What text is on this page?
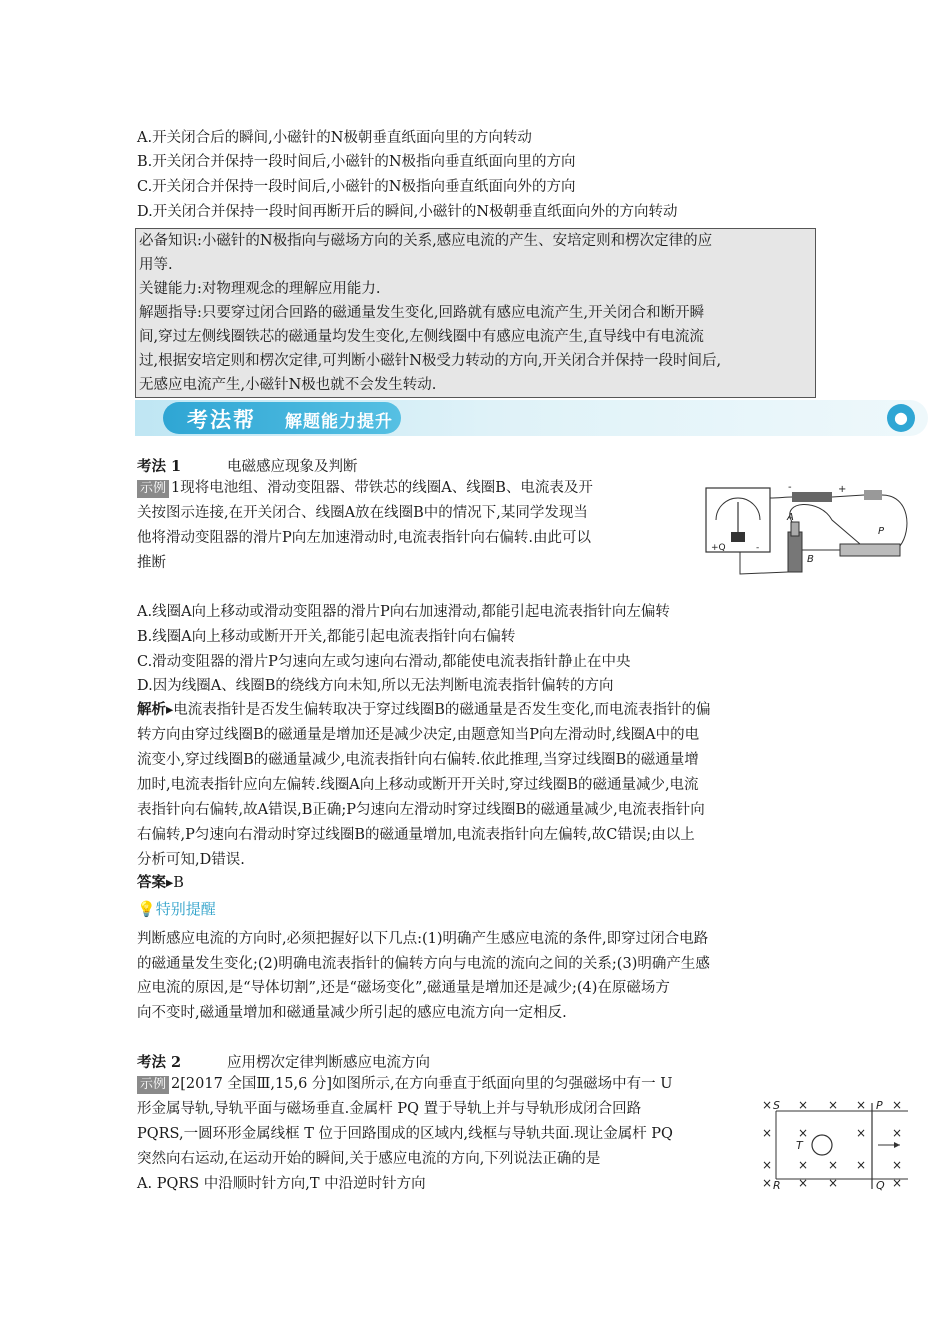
A.开关闭合后的瞬间,小磁针的N极朝垂直纸面向里的方向转动
B.开关闭合并保持一段时间后,小磁针的N极指向垂直纸面向里的方向
C.开关闭合并保持一段时间后,小磁针的N极指向垂直纸面向外的方向
D.开关闭合并保持一段时间再断开后的瞬间,小磁针的N极朝垂直纸面向外的方向转动
必备知识:小磁针的N极指向与磁场方向的关系,感应电流的产生、安培定则和楞次定律的应
用等.
关键能力:对物理观念的理解应用能力.
解题指导:只要穿过闭合回路的磁通量发生变化,回路就有感应电流产生,开关闭合和断开瞬
间,穿过左侧线圈铁芯的磁通量均发生变化,左侧线圈中有感应电流产生,直导线中有电流流
过,根据安培定则和楞次定律,可判断小磁针N极受力转动的方向,开关闭合并保持一段时间后,
无感应电流产生,小磁针N极也就不会发生转动.
考法帮 解题能力提升	●
考法 1	电磁感应现象及判断
示例 1现将电池组、滑动变阻器、带铁芯的线圈A、线圈B、电流表及开
关按图示连接,在开关闭合、线圈A放在线圈B中的情况下,某同学发现当
他将滑动变阻器的滑片P向左加速滑动时,电流表指针向右偏转.由此可以
推断
+Q	-
-	+
A
B
P
A.线圈A向上移动或滑动变阻器的滑片P向右加速滑动,都能引起电流表指针向左偏转
B.线圈A向上移动或断开开关,都能引起电流表指针向右偏转
C.滑动变阻器的滑片P匀速向左或匀速向右滑动,都能使电流表指针静止在中央
D.因为线圈A、线圈B的绕线方向未知,所以无法判断电流表指针偏转的方向
解析▸电流表指针是否发生偏转取决于穿过线圈B的磁通量是否发生变化,而电流表指针的偏
转方向由穿过线圈B的磁通量是增加还是减少决定,由题意知当P向左滑动时,线圈A中的电
流变小,穿过线圈B的磁通量减少,电流表指针向右偏转.依此推理,当穿过线圈B的磁通量增
加时,电流表指针应向左偏转.线圈A向上移动或断开开关时,穿过线圈B的磁通量减少,电流
表指针向右偏转,故A错误,B正确;P匀速向左滑动时穿过线圈B的磁通量减少,电流表指针向
右偏转,P匀速向右滑动时穿过线圈B的磁通量增加,电流表指针向左偏转,故C错误;由以上
分析可知,D错误.
答案▸B
💡特别提醒
判断感应电流的方向时,必须把握好以下几点:(1)明确产生感应电流的条件,即穿过闭合电路
的磁通量发生变化;(2)明确电流表指针的偏转方向与电流的流向之间的关系;(3)明确产生感
应电流的原因,是“导体切割”,还是“磁场变化”,磁通量是增加还是减少;(4)在原磁场方
向不变时,磁通量增加和磁通量减少所引起的感应电流方向一定相反.
考法 2	应用楞次定律判断感应电流方向
示例 2[2017 全国Ⅲ,15,6 分]如图所示,在方向垂直于纸面向里的匀强磁场中有一 U
形金属导轨,导轨平面与磁场垂直.金属杆 PQ 置于导轨上并与导轨形成闭合回路
PQRS,一圆环形金属线框 T 位于回路围成的区域内,线框与导轨共面.现让金属杆 PQ
突然向右运动,在运动开始的瞬间,关于感应电流的方向,下列说法正确的是
A. PQRS 中沿顺时针方向,T 中沿逆时针方向
× × × × ×
× ×	× ×
× × × × ×
× × ×	×
S	P
R	Q
T
